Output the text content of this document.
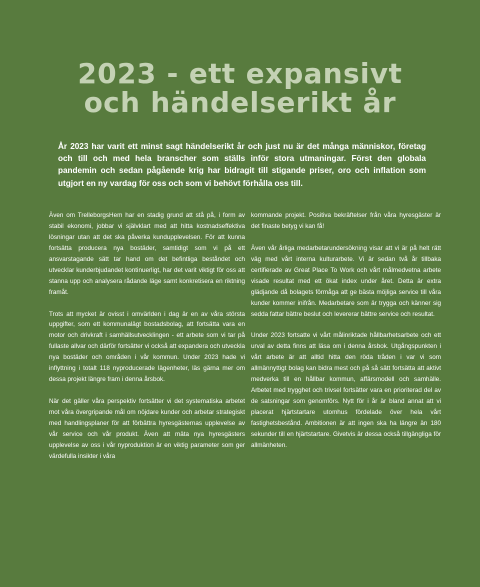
2023 - ett expansivt
och händelserikt år
År 2023 har varit ett minst sagt händelserikt år och just nu är det många människor, företag och till och med hela branscher som ställs inför stora utmaningar. Först den globala pandemin och sedan pågående krig har bidragit till stigande priser, oro och inflation som utgjort en ny vardag för oss och som vi behövt förhålla oss till.

Även om TrelleborgsHem har en stadig grund att stå på, i form av stabil ekonomi, jobbar vi självklart med att hitta kostnadseffektiva lösningar utan att det ska påverka kundupplevelsen. För att kunna fortsätta producera nya bostäder, samtidigt som vi på ett ansvarstagande sätt tar hand om det befintliga beståndet och utvecklar kunderbjudandet kontinuerligt, har det varit viktigt för oss att stanna upp och analysera rådande läge samt konkretisera en riktning framåt.

Trots att mycket är ovisst i omvärlden i dag är en av våra största uppgifter, som ett kommunalägt bostadsbolag, att fortsätta vara en motor och drivkraft i samhällsutvecklingen - ett arbete som vi tar på fullaste allvar och därför fortsätter vi också att expandera och utveckla nya bostäder och områden i vår kommun. Under 2023 hade vi inflyttning i totalt 118 nyproducerade lägenheter, läs gärna mer om dessa projekt längre fram i denna årsbok.

När det gäller våra perspektiv fortsätter vi det systematiska arbetet mot våra övergripande mål om nöjdare kunder och arbetar strategiskt med handlingsplaner för att förbättra hyresgästernas upplevelse av vår service och vår produkt. Även att mäta nya hyresgästers upplevelse av oss i vår nyproduktion är en viktig parameter som ger värdefulla insikter i våra

kommande projekt. Positiva bekräftelser från våra hyresgäster är det finaste betyg vi kan få!

Även vår årliga medarbetarundersökning visar att vi är på helt rätt väg med vårt interna kulturarbete. Vi är sedan två år tillbaka certifierade av Great Place To Work och vårt målmedvetna arbete visade resultat med ett ökat index under året. Detta är extra glädjande då bolagets förmåga att ge bästa möjliga service till våra kunder kommer inifrån. Medarbetare som är trygga och känner sig sedda fattar bättre beslut och levererar bättre service och resultat.

Under 2023 fortsatte vi vårt målinriktade hållbarhetsarbete och ett urval av detta finns att läsa om i denna årsbok. Utgångspunkten i vårt arbete är att alltid hitta den röda tråden i var vi som allmännyttigt bolag kan bidra mest och på så sätt fortsätta att aktivt medverka till en hållbar kommun, affärsmodell och samhälle. Arbetet med trygghet och trivsel fortsätter vara en prioriterad del av de satsningar som genomförs. Nytt för i år är bland annat att vi placerat hjärtstartare utomhus fördelade över hela vårt fastighetsbestånd. Ambitionen är att ingen ska ha längre än 180 sekunder till en hjärtstartare. Givetvis är dessa också tillgängliga för allmänheten.
